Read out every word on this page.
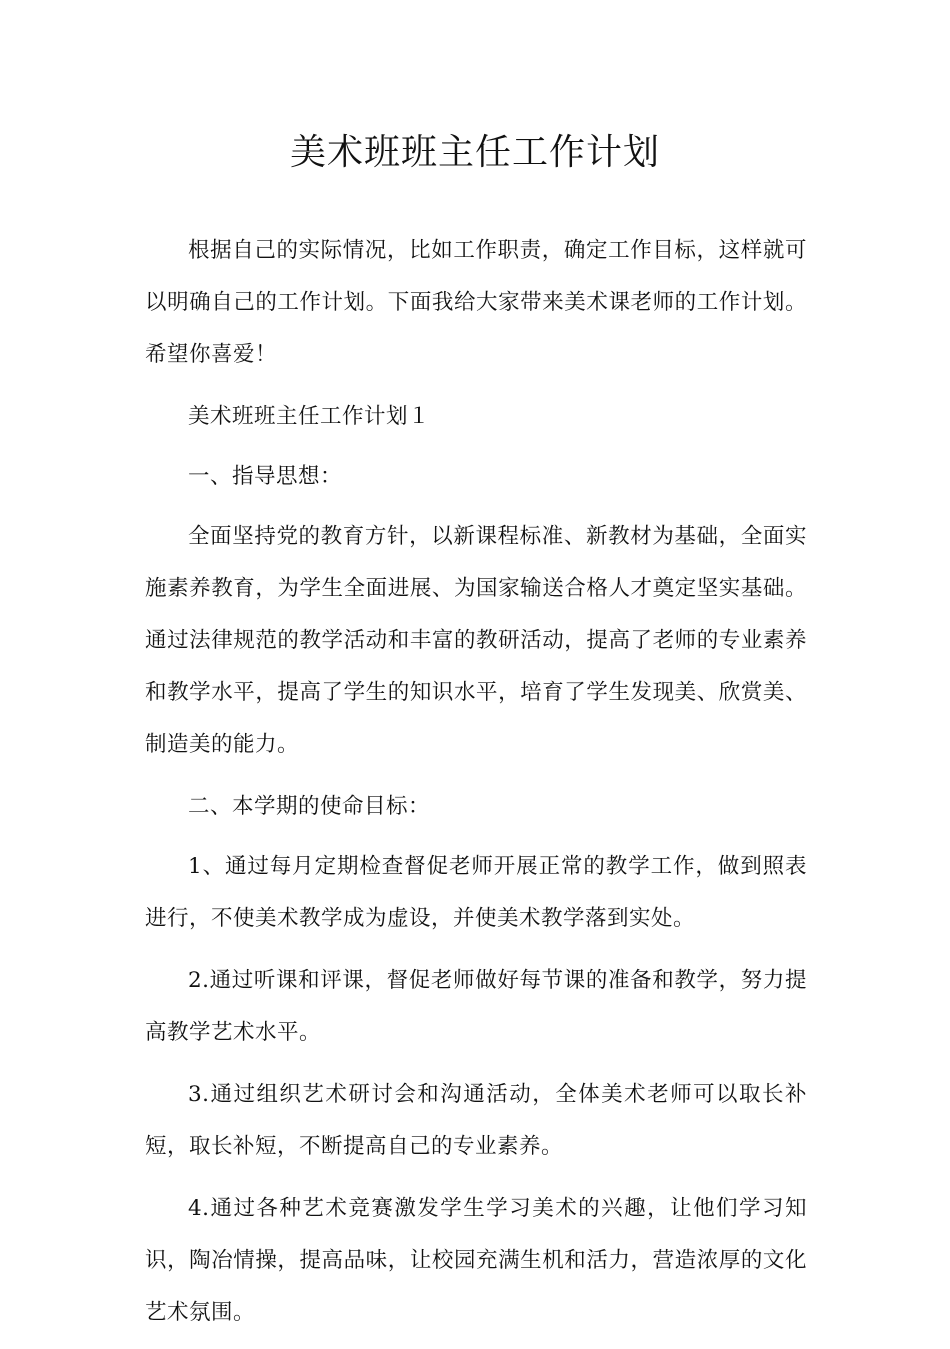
美术班班主任工作计划

根据自己的实际情况，比如工作职责，确定工作目标，这样就可以明确自己的工作计划。下面我给大家带来美术课老师的工作计划。希望你喜爱！

美术班班主任工作计划１

一、指导思想：

全面坚持党的教育方针，以新课程标准、新教材为基础，全面实施素养教育，为学生全面进展、为国家输送合格人才奠定坚实基础。通过法律规范的教学活动和丰富的教研活动，提高了老师的专业素养和教学水平，提高了学生的知识水平，培育了学生发现美、欣赏美、制造美的能力。

二、本学期的使命目标：

1、通过每月定期检查督促老师开展正常的教学工作，做到照表进行，不使美术教学成为虚设，并使美术教学落到实处。

2.通过听课和评课，督促老师做好每节课的准备和教学，努力提高教学艺术水平。

3.通过组织艺术研讨会和沟通活动，全体美术老师可以取长补短，取长补短，不断提高自己的专业素养。

4.通过各种艺术竞赛激发学生学习美术的兴趣，让他们学习知识，陶冶情操，提高品味，让校园充满生机和活力，营造浓厚的文化艺术氛围。
